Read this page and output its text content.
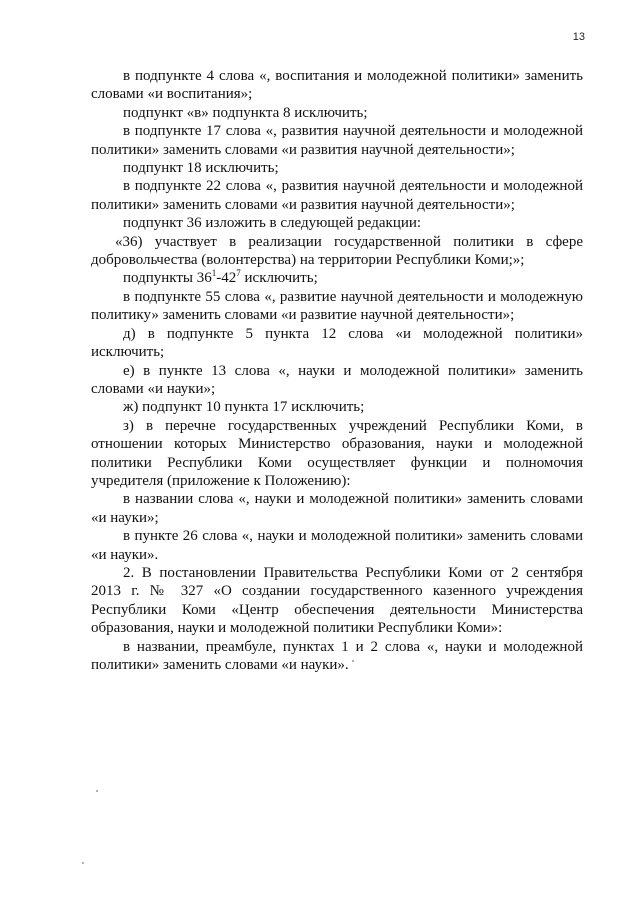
13

в подпункте 4 слова «, воспитания и молодежной политики» заменить словами «и воспитания»;

подпункт «в» подпункта 8 исключить;

в подпункте 17 слова «, развития научной деятельности и молодежной политики» заменить словами «и развития научной деятельности»;

подпункт 18 исключить;

в подпункте 22 слова «, развития научной деятельности и молодежной политики» заменить словами «и развития научной деятельности»;

подпункт 36 изложить в следующей редакции:

«36) участвует в реализации государственной политики в сфере добровольчества (волонтерства) на территории Республики Коми;»;

подпункты $36^1-42^7$ исключить;

в подпункте 55 слова «, развитие научной деятельности и молодежную политику» заменить словами «и развитие научной деятельности»;

д) в подпункте 5 пункта 12 слова «и молодежной политики» исключить;

е) в пункте 13 слова «, науки и молодежной политики» заменить словами «и науки»;

ж) подпункт 10 пункта 17 исключить;

з) в перечне государственных учреждений Республики Коми, в отношении которых Министерство образования, науки и молодежной политики Республики Коми осуществляет функции и полномочия учредителя (приложение к Положению):

в названии слова «, науки и молодежной политики» заменить словами «и науки»;

в пункте 26 слова «, науки и молодежной политики» заменить словами «и науки».

2. В постановлении Правительства Республики Коми от 2 сентября 2013 г. № 327 «О создании государственного казенного учреждения Республики Коми «Центр обеспечения деятельности Министерства образования, науки и молодежной политики Республики Коми»:

в названии, преамбуле, пунктах 1 и 2 слова «, науки и молодежной политики» заменить словами «и науки».
